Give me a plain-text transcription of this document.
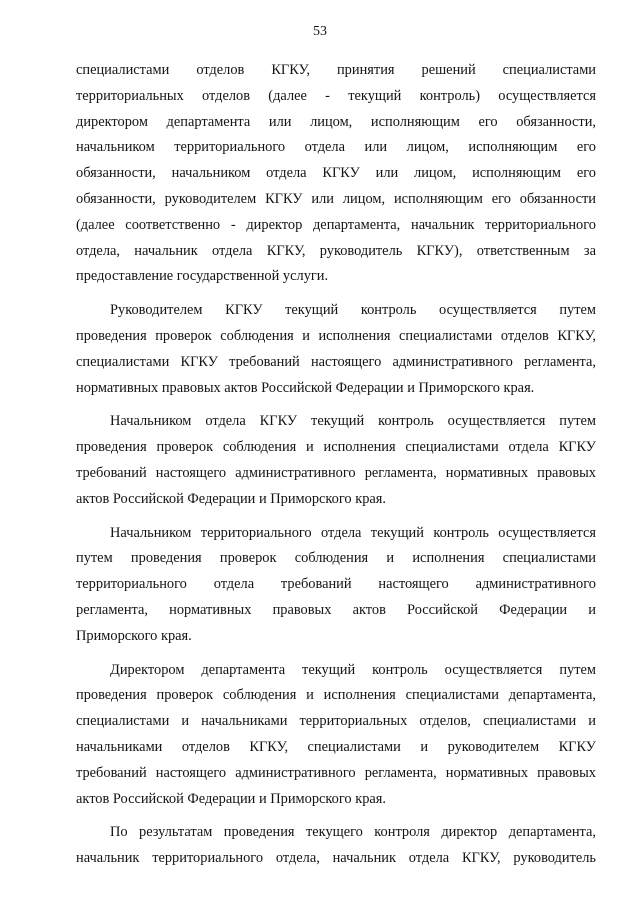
53

специалистами отделов КГКУ, принятия решений специалистами

территориальных отделов (далее - текущий контроль) осуществляется

директором департамента или лицом, исполняющим его обязанности,

начальником территориального отдела или лицом, исполняющим его

обязанности, начальником отдела КГКУ или лицом, исполняющим его

обязанности, руководителем КГКУ или лицом, исполняющим его обязанности

(далее соответственно - директор департамента, начальник территориального

отдела, начальник отдела КГКУ, руководитель КГКУ), ответственным за

предоставление государственной услуги.

Руководителем КГКУ текущий контроль осуществляется путем

проведения проверок соблюдения и исполнения специалистами отделов КГКУ,

специалистами КГКУ требований настоящего административного регламента,

нормативных правовых актов Российской Федерации и Приморского края.

Начальником отдела КГКУ текущий контроль осуществляется путем

проведения проверок соблюдения и исполнения специалистами отдела КГКУ

требований настоящего административного регламента, нормативных правовых

актов Российской Федерации и Приморского края.

Начальником территориального отдела текущий контроль осуществляется

путем проведения проверок соблюдения и исполнения специалистами

территориального отдела требований настоящего административного

регламента, нормативных правовых актов Российской Федерации и

Приморского края.

Директором департамента текущий контроль осуществляется путем

проведения проверок соблюдения и исполнения специалистами департамента,

специалистами и начальниками территориальных отделов, специалистами и

начальниками отделов КГКУ, специалистами и руководителем КГКУ

требований настоящего административного регламента, нормативных правовых

актов Российской Федерации и Приморского края.

По результатам проведения текущего контроля директор департамента,

начальник территориального отдела, начальник отдела КГКУ, руководитель
